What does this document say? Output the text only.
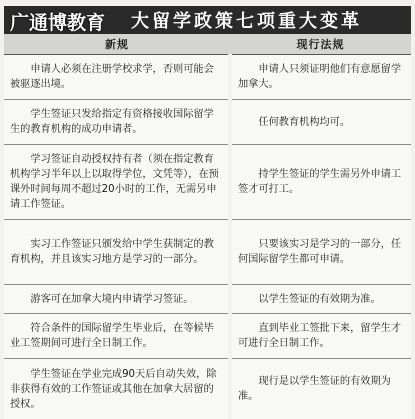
广通博教育	大留学政策七项重大变革
新规	现行法规

申请人必须在注册学校求学，否则可能会被驱逐出境。	申请人只须证明他们有意愿留学加拿大。

学生签证只发给指定有资格接收国际留学生的教育机构的成功申请者。	任何教育机构均可。

学习签证自动授权持有者（须在指定教育机构学习半年以上以取得学位，文凭等），在预课外时间每周不超过20小时的工作，无需另申请工作签证。	持学生签证的学生需另外申请工签才可打工。

实习工作签证只颁发给中学生获制定的教育机构，并且该实习地方是学习的一部分。	只要该实习是学习的一部分，任何国际留学生都可申请。

游客可在加拿大境内申请学习签证。	以学生签证的有效期为准。

符合条件的国际留学生毕业后，在等候毕业工签期间可进行全日制工作。	直到毕业工签批下来，留学生才可进行全日制工作。

学生签证在学业完成90天后自动失效，除非获得有效的工作签证或其他在加拿大居留的授权。	现行是以学生签证的有效期为准。
